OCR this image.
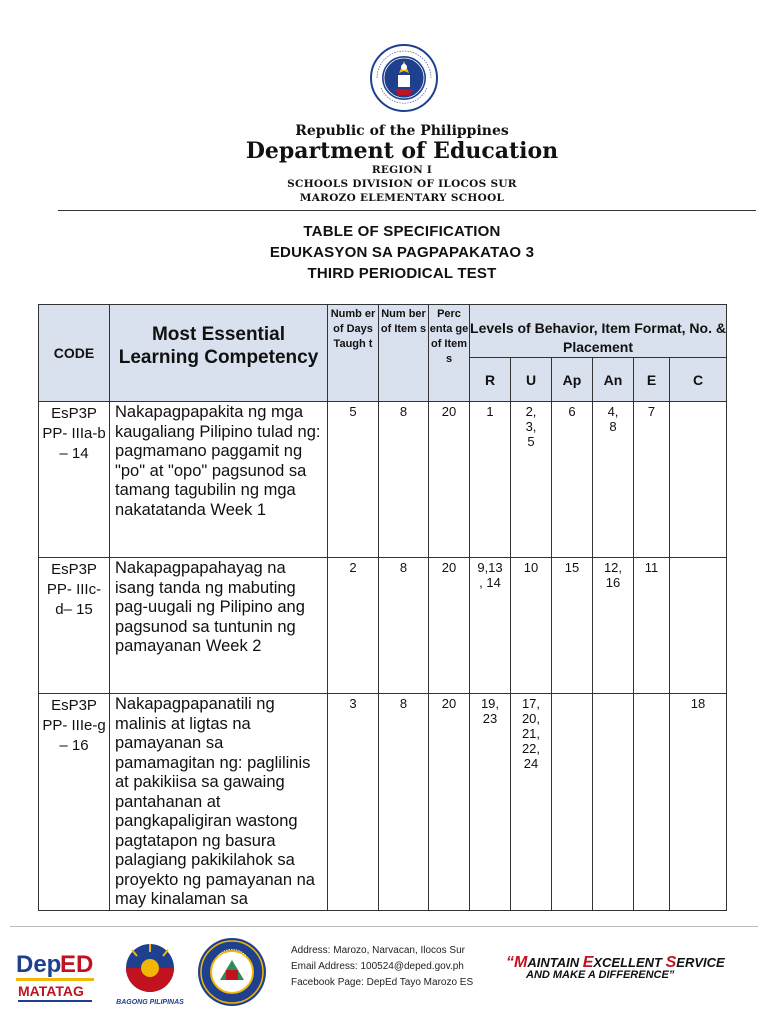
Republic of the Philippines
Department of Education
REGION I
SCHOOLS DIVISION OF ILOCOS SUR
MAROZO ELEMENTARY SCHOOL
TABLE OF SPECIFICATION
EDUKASYON SA PAGPAPAKATAO 3
THIRD PERIODICAL TEST
CODE	Most Essential Learning Competency	Numb er of Days Taugh t	Num ber of Item s	Perc enta ge of Item s	Levels of Behavior, Item Format, No. & Placement					
					R	U	Ap	An	E	C
EsP3P PP- IIIa-b – 14	Nakapagpapakita ng mga kaugaliang Pilipino tulad ng: pagmamano paggamit ng "po" at "opo" pagsunod sa tamang tagubilin ng mga nakatatanda Week 1	5	8	20	1	2, 3, 5	6	4, 8	7	
EsP3P PP- IIIc-d– 15	Nakapagpapahayag na isang tanda ng mabuting pag-uugali ng Pilipino ang pagsunod sa tuntunin ng pamayanan Week 2	2	8	20	9,13 , 14	10	15	12, 16	11	
EsP3P PP- IIIe-g – 16	Nakapagpapanatili ng malinis at ligtas na pamayanan sa pamamagitan ng: paglilinis at pakikiisa sa gawaing pantahanan at pangkapaligiran wastong pagtatapon ng basura palagiang pakikilahok sa proyekto ng pamayanan na may kinalaman sa	3	8	20	19, 23	17, 20, 21, 22, 24				18
Dep
ED
MATATAG
BAGONG PILIPINAS
Address: Marozo, Narvacan, Ilocos Sur
Email Address: 100524@deped.gov.ph
Facebook Page: DepEd Tayo Marozo ES
“MAINTAIN EXCELLENT SERVICE
AND MAKE A DIFFERENCE”
